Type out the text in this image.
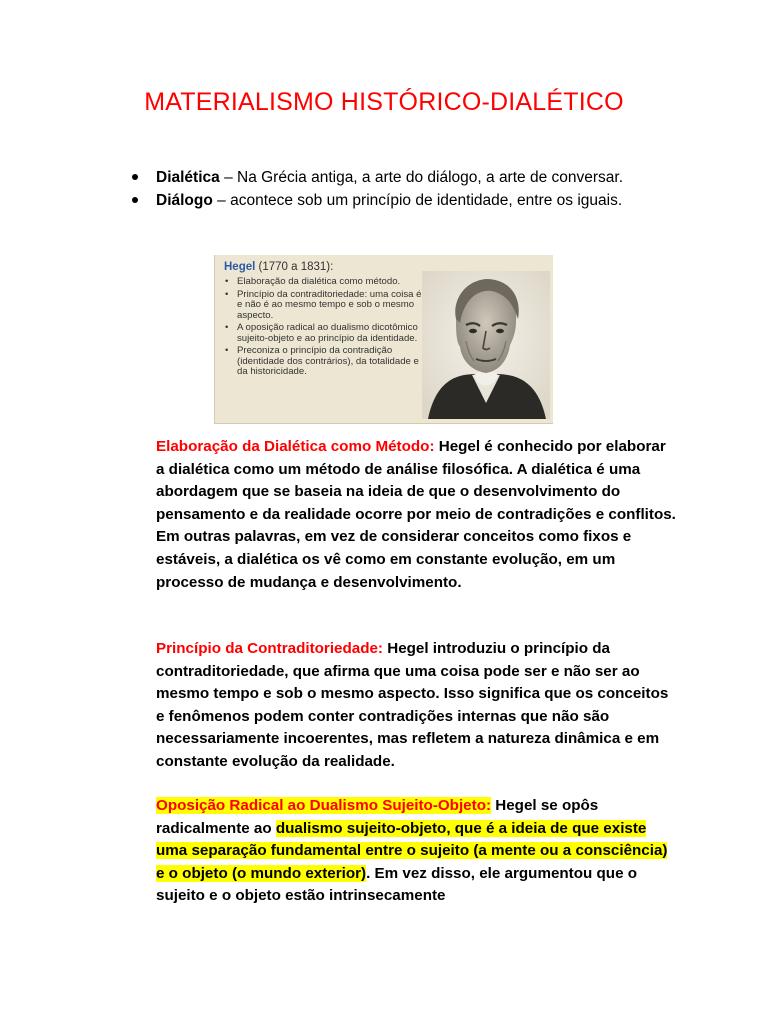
MATERIALISMO HISTÓRICO-DIALÉTICO
Dialética – Na Grécia antiga, a arte do diálogo, a arte de conversar.
Diálogo – acontece sob um princípio de identidade, entre os iguais.
Hegel (1770 a 1831):
• Elaboração da dialética como método.
• Princípio da contraditoriedade: uma coisa é e não é ao mesmo tempo e sob o mesmo aspecto.
• A oposição radical ao dualismo dicotômico sujeito-objeto e ao princípio da identidade.
• Preconiza o princípio da contradição (identidade dos contrários), da totalidade e da historicidade.
Elaboração da Dialética como Método: Hegel é conhecido por elaborar a dialética como um método de análise filosófica. A dialética é uma abordagem que se baseia na ideia de que o desenvolvimento do pensamento e da realidade ocorre por meio de contradições e conflitos. Em outras palavras, em vez de considerar conceitos como fixos e estáveis, a dialética os vê como em constante evolução, em um processo de mudança e desenvolvimento.
Princípio da Contraditoriedade: Hegel introduziu o princípio da contraditoriedade, que afirma que uma coisa pode ser e não ser ao mesmo tempo e sob o mesmo aspecto. Isso significa que os conceitos e fenômenos podem conter contradições internas que não são necessariamente incoerentes, mas refletem a natureza dinâmica e em constante evolução da realidade.
Oposição Radical ao Dualismo Sujeito-Objeto: Hegel se opôs radicalmente ao dualismo sujeito-objeto, que é a ideia de que existe uma separação fundamental entre o sujeito (a mente ou a consciência) e o objeto (o mundo exterior). Em vez disso, ele argumentou que o sujeito e o objeto estão intrinsecamente
